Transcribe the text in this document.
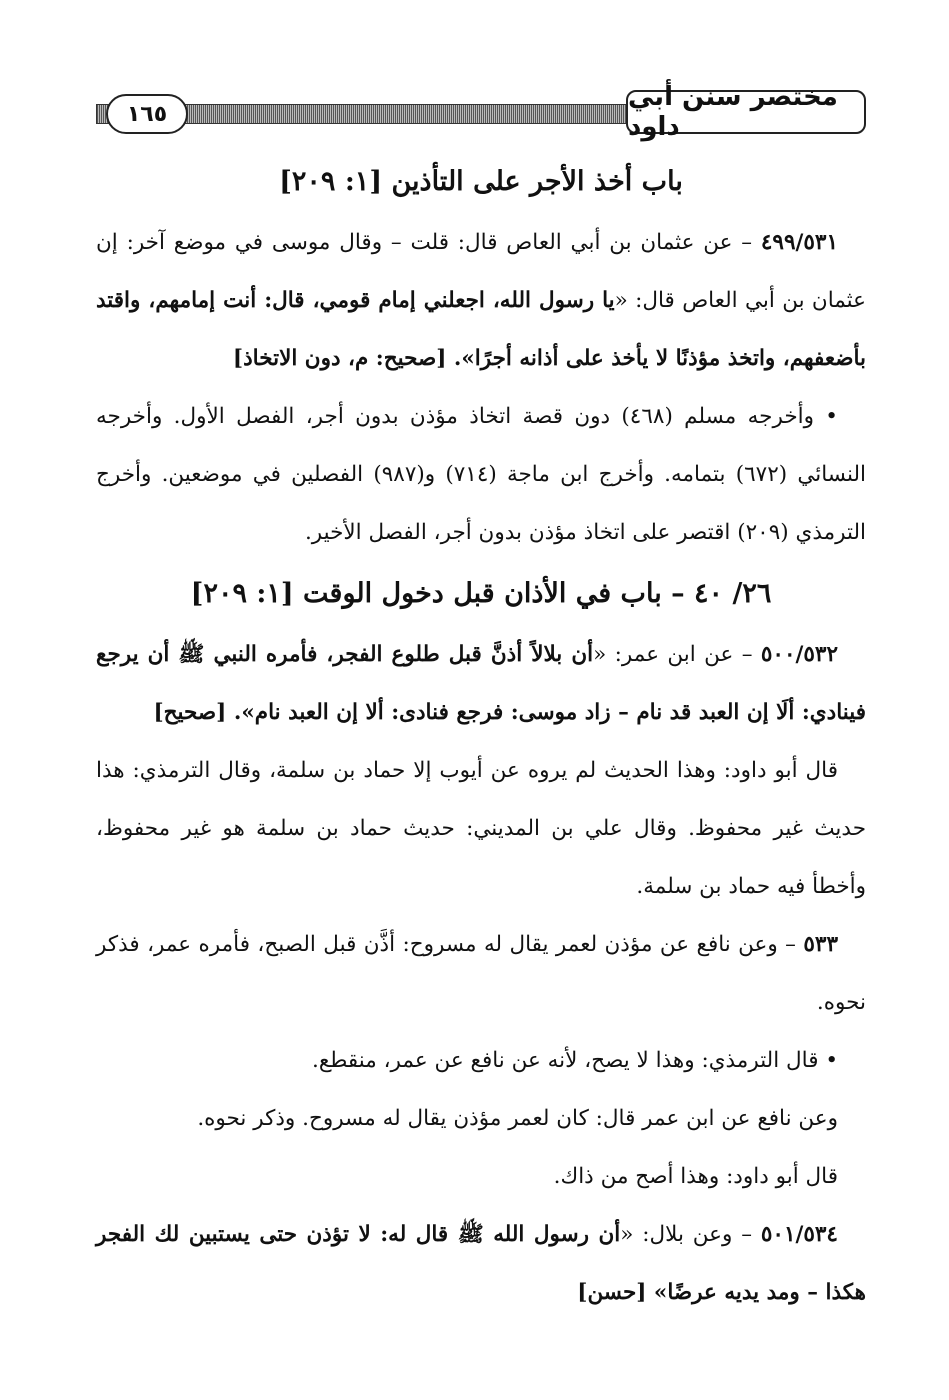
١٦٥
مختصر سنن أبي داود
باب أخذ الأجر على التأذين [١: ٢٠٩]

٤٩٩/٥٣١ – عن عثمان بن أبي العاص قال: قلت – وقال موسى في موضع آخر: إن عثمان بن أبي العاص قال: «يا رسول الله، اجعلني إمام قومي، قال: أنت إمامهم، واقتد بأضعفهم، واتخذ مؤذنًا لا يأخذ على أذانه أجرًا». [صحيح: م، دون الاتخاذ]

• وأخرجه مسلم (٤٦٨) دون قصة اتخاذ مؤذن بدون أجر، الفصل الأول. وأخرجه النسائي (٦٧٢) بتمامه. وأخرج ابن ماجة (٧١٤) و(٩٨٧) الفصلين في موضعين. وأخرج الترمذي (٢٠٩) اقتصر على اتخاذ مؤذن بدون أجر، الفصل الأخير.

٢٦/ ٤٠ – باب في الأذان قبل دخول الوقت [١: ٢٠٩]

٥٠٠/٥٣٢ – عن ابن عمر: «أن بلالاً أذنَّ قبل طلوع الفجر، فأمره النبي ﷺ أن يرجع فينادي: ألَا إن العبد قد نام – زاد موسى: فرجع فنادى: ألا إن العبد نام». [صحيح]

قال أبو داود: وهذا الحديث لم يروه عن أيوب إلا حماد بن سلمة، وقال الترمذي: هذا حديث غير محفوظ. وقال علي بن المديني: حديث حماد بن سلمة هو غير محفوظ، وأخطأ فيه حماد بن سلمة.

٥٣٣ – وعن نافع عن مؤذن لعمر يقال له مسروح: أذَّن قبل الصبح، فأمره عمر، فذكر نحوه.

• قال الترمذي: وهذا لا يصح، لأنه عن نافع عن عمر، منقطع.

وعن نافع عن ابن عمر قال: كان لعمر مؤذن يقال له مسروح. وذكر نحوه.

قال أبو داود: وهذا أصح من ذاك.

٥٠١/٥٣٤ – وعن بلال: «أن رسول الله ﷺ قال له: لا تؤذن حتى يستبين لك الفجر هكذا – ومد يديه عرضًا» [حسن]
